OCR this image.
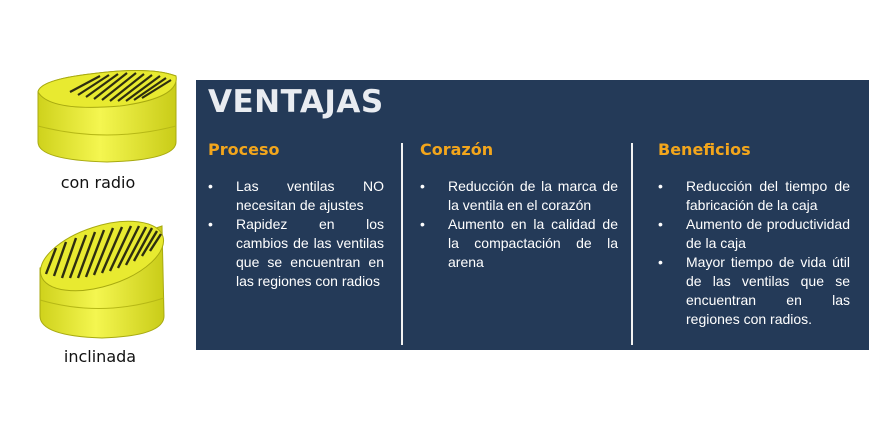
con radio
inclinada
VENTAJAS
Proceso
• Las ventilas NO necesitan de ajustes
• Rapidez en los cambios de las ventilas que se encuentran en las regiones con radios
Corazón
• Reducción de la marca de la ventila en el corazón
• Aumento en la calidad de la compactación de la arena
Beneficios
• Reducción del tiempo de fabricación de la caja
• Aumento de productividad de la caja
• Mayor tiempo de vida útil de las ventilas que se encuentran en las regiones con radios.
